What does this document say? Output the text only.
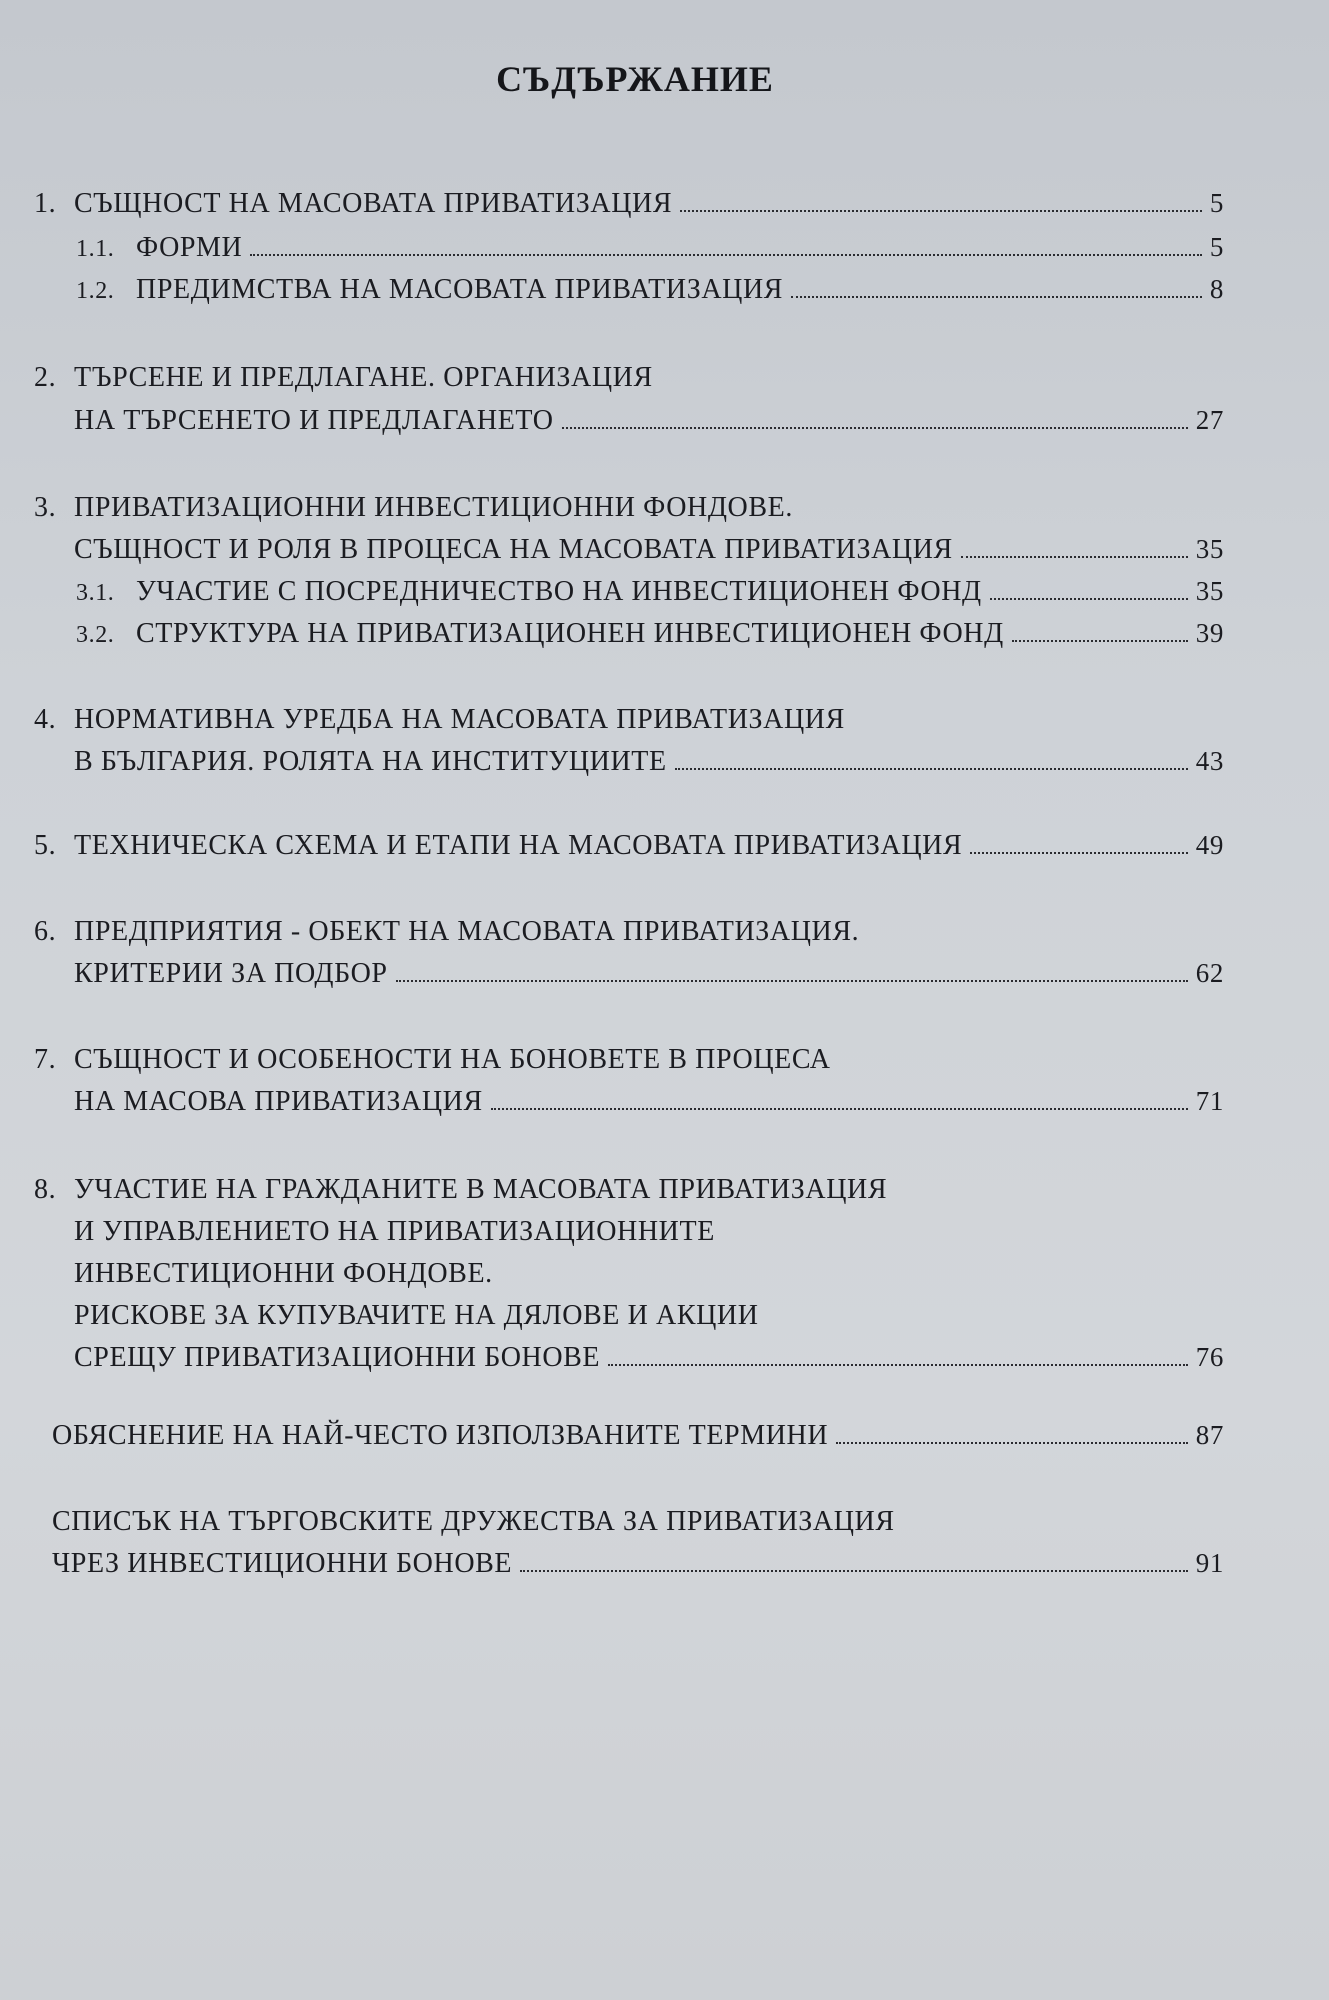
СЪДЪРЖАНИЕ
1. СЪЩНОСТ НА МАСОВАТА ПРИВАТИЗАЦИЯ	5
1.1. ФОРМИ	5
1.2. ПРЕДИМСТВА НА МАСОВАТА ПРИВАТИЗАЦИЯ	8
2. ТЪРСЕНЕ И ПРЕДЛАГАНЕ. ОРГАНИЗАЦИЯ
НА ТЪРСЕНЕТО И ПРЕДЛАГАНЕТО	27
3. ПРИВАТИЗАЦИОННИ ИНВЕСТИЦИОННИ ФОНДОВЕ.
СЪЩНОСТ И РОЛЯ В ПРОЦЕСА НА МАСОВАТА ПРИВАТИЗАЦИЯ	35
3.1. УЧАСТИЕ С ПОСРЕДНИЧЕСТВО НА ИНВЕСТИЦИОНЕН ФОНД	35
3.2. СТРУКТУРА НА ПРИВАТИЗАЦИОНЕН ИНВЕСТИЦИОНЕН ФОНД	39
4. НОРМАТИВНА УРЕДБА НА МАСОВАТА ПРИВАТИЗАЦИЯ
В БЪЛГАРИЯ. РОЛЯТА НА ИНСТИТУЦИИТЕ	43
5. ТЕХНИЧЕСКА СХЕМА И ЕТАПИ НА МАСОВАТА ПРИВАТИЗАЦИЯ	49
6. ПРЕДПРИЯТИЯ - ОБЕКТ НА МАСОВАТА ПРИВАТИЗАЦИЯ.
КРИТЕРИИ ЗА ПОДБОР	62
7. СЪЩНОСТ И ОСОБЕНОСТИ НА БОНОВЕТЕ В ПРОЦЕСА
НА МАСОВА ПРИВАТИЗАЦИЯ	71
8. УЧАСТИЕ НА ГРАЖДАНИТЕ В МАСОВАТА ПРИВАТИЗАЦИЯ
И УПРАВЛЕНИЕТО НА ПРИВАТИЗАЦИОННИТЕ
ИНВЕСТИЦИОННИ ФОНДОВЕ.
РИСКОВЕ ЗА КУПУВАЧИТЕ НА ДЯЛОВЕ И АКЦИИ
СРЕЩУ ПРИВАТИЗАЦИОННИ БОНОВЕ	76
ОБЯСНЕНИЕ НА НАЙ-ЧЕСТО ИЗПОЛЗВАНИТЕ ТЕРМИНИ	87
СПИСЪК НА ТЪРГОВСКИТЕ ДРУЖЕСТВА ЗА ПРИВАТИЗАЦИЯ
ЧРЕЗ ИНВЕСТИЦИОННИ БОНОВЕ	91
